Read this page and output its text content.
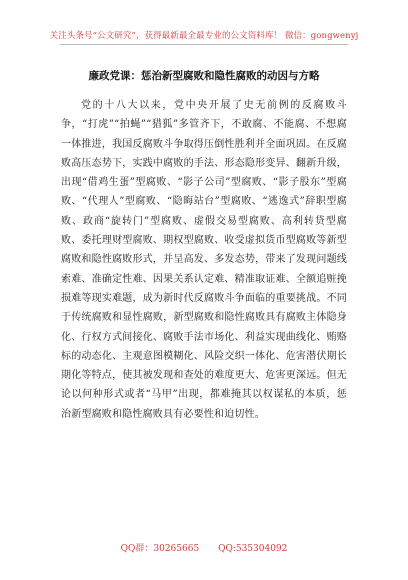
关注头条号“公文研究”，获得最新最全最专业的公文资料库！ 微信：gongwenyj
廉政党课：惩治新型腐败和隐性腐败的动因与方略

党的十八大以来，党中央开展了史无前例的反腐败斗争，“打虎”“拍蝇”“猎狐”多管齐下，不敢腐、不能腐、不想腐一体推进，我国反腐败斗争取得压倒性胜利并全面巩固。在反腐败高压态势下，实践中腐败的手法、形态隐形变异、翻新升级，出现“借鸡生蛋”型腐败、“影子公司”型腐败、“影子股东”型腐败、“代理人”型腐败、“隐晦站台”型腐败、“逃逸式”辞职型腐败、政商“旋转门”型腐败、虚假交易型腐败、高利转贷型腐败、委托理财型腐败、期权型腐败、收受虚拟货币型腐败等新型腐败和隐性腐败形式，并呈高发、多发态势，带来了发现问题线索难、准确定性难、因果关系认定难、精准取证难、全额追赃挽损难等现实难题，成为新时代反腐败斗争面临的重要挑战。不同于传统腐败和显性腐败，新型腐败和隐性腐败具有腐败主体隐身化、行权方式间接化、腐败手法市场化、利益实现曲线化、贿赂标的动态化、主观意图模糊化、风险交织一体化、危害潜伏期长期化等特点，使其被发现和查处的难度更大、危害更深远。但无论以何种形式或者“马甲”出现，都难掩其以权谋私的本质，惩治新型腐败和隐性腐败具有必要性和迫切性。

QQ群：30265665 QQ:535304092
